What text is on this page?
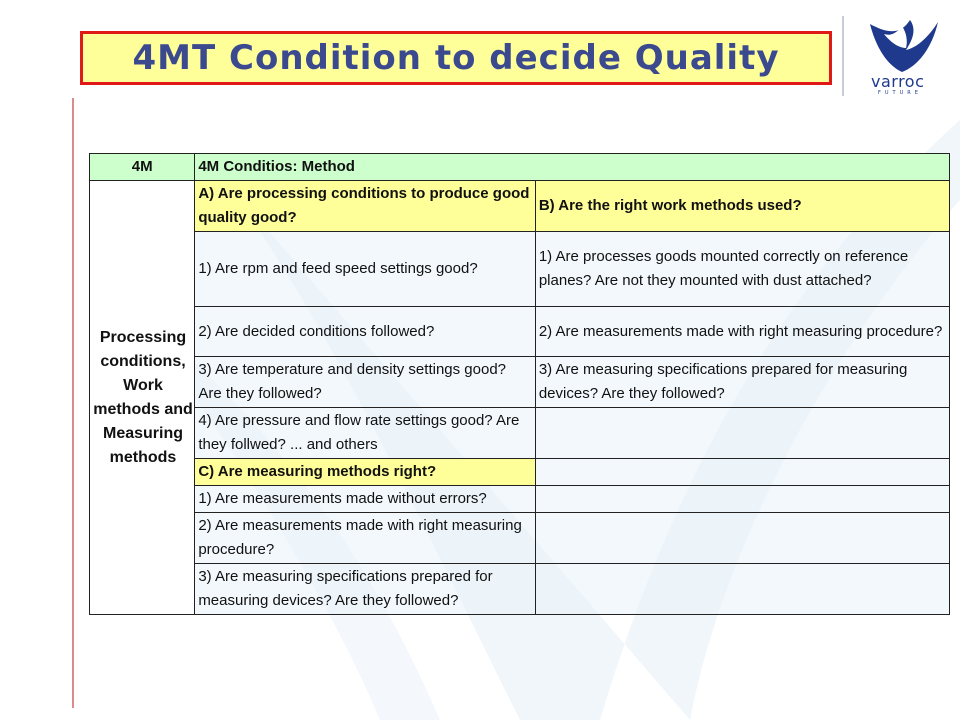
4MT Condition to decide Quality
varroc
FUTURE
4M	4M Conditios: Method	

Processing conditions, Work methods and Measuring methods	A) Are processing conditions to produce good quality good?	B) Are the right work methods used?
	1) Are rpm and feed speed settings good?	1) Are processes goods mounted correctly on reference planes? Are not they mounted with dust attached?
	2) Are decided conditions followed?	2) Are measurements made with right measuring procedure?
	3) Are temperature and density settings good? Are they followed?	3) Are measuring specifications prepared for measuring devices? Are they followed?
	4) Are pressure and flow rate settings good? Are they follwed? ... and others	
	C) Are measuring methods right?	
	1) Are measurements made without errors?	
	2) Are measurements made with right measuring procedure?	
	3) Are measuring specifications prepared for measuring devices? Are they followed?	
